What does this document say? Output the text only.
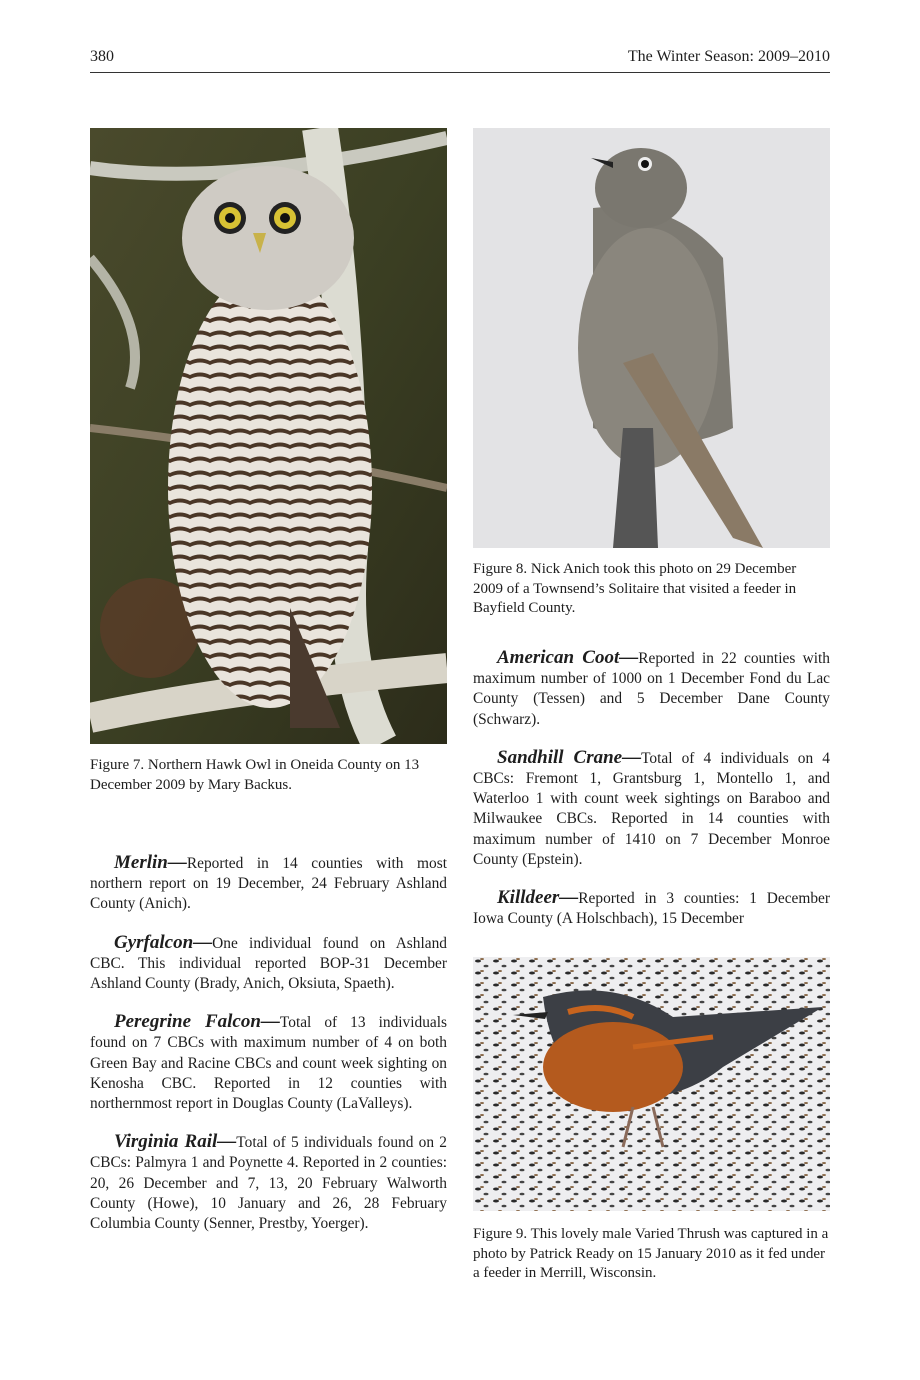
380	The Winter Season: 2009–2010
Figure 7. Northern Hawk Owl in Oneida County on 13 December 2009 by Mary Backus.
Figure 8. Nick Anich took this photo on 29 December 2009 of a Townsend’s Solitaire that visited a feeder in Bayfield County.

Merlin—Reported in 14 counties with most northern report on 19 December, 24 February Ashland County (Anich).

Gyrfalcon—One individual found on Ashland CBC. This individual reported BOP-31 December Ashland County (Brady, Anich, Oksiuta, Spaeth).

Peregrine Falcon—Total of 13 individuals found on 7 CBCs with maximum number of 4 on both Green Bay and Racine CBCs and count week sighting on Kenosha CBC. Reported in 12 counties with northernmost report in Douglas County (LaValleys).

Virginia Rail—Total of 5 individuals found on 2 CBCs: Palmyra 1 and Poynette 4. Reported in 2 counties: 20, 26 December and 7, 13, 20 February Walworth County (Howe), 10 January and 26, 28 February Columbia County (Senner, Prestby, Yoerger).

American Coot—Reported in 22 counties with maximum number of 1000 on 1 December Fond du Lac County (Tessen) and 5 December Dane County (Schwarz).

Sandhill Crane—Total of 4 individuals on 4 CBCs: Fremont 1, Grantsburg 1, Montello 1, and Waterloo 1 with count week sightings on Baraboo and Milwaukee CBCs. Reported in 14 counties with maximum number of 1410 on 7 December Monroe County (Epstein).

Killdeer—Reported in 3 counties: 1 December Iowa County (A Holschbach), 15 December

Figure 9. This lovely male Varied Thrush was captured in a photo by Patrick Ready on 15 January 2010 as it fed under a feeder in Merrill, Wisconsin.
